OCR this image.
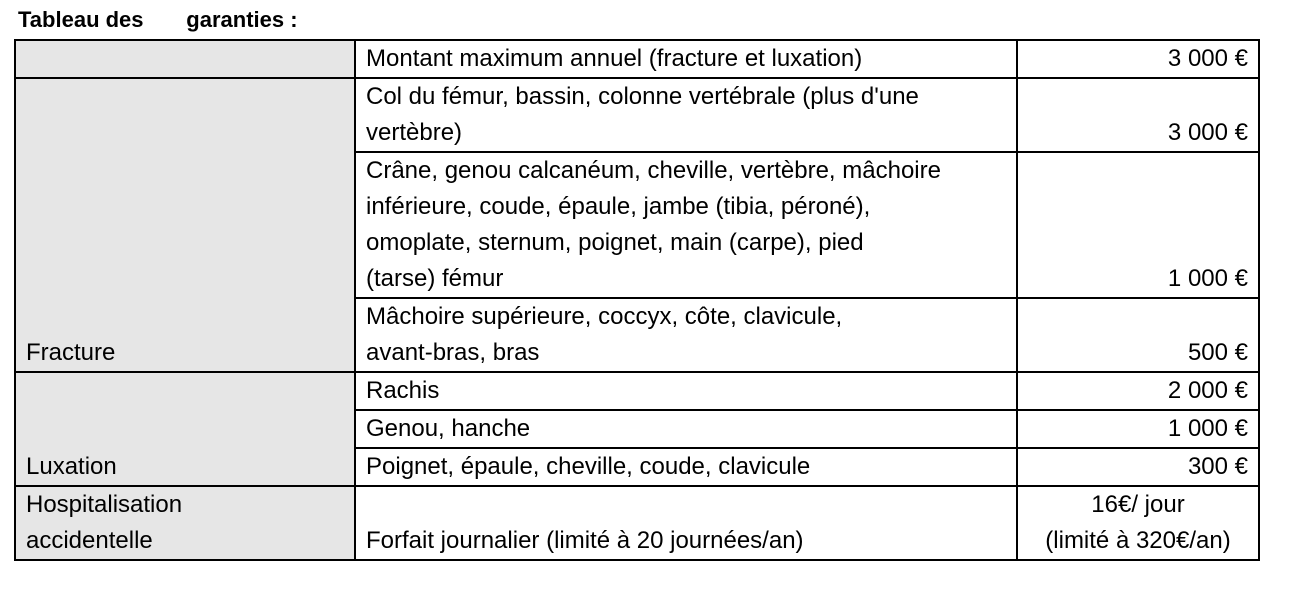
Tableau des       garanties :
	Montant maximum annuel (fracture et luxation)	3 000 €
Fracture	Col du fémur, bassin, colonne vertébrale (plus d'une
vertèbre)	3 000 €

	Crâne, genou calcanéum, cheville, vertèbre, mâchoire
inférieure, coude, épaule, jambe (tibia, péroné),
omoplate, sternum, poignet, main (carpe), pied
(tarse) fémur	1 000 €

	Mâchoire supérieure, coccyx, côte, clavicule,
avant-bras, bras	500 €
Luxation	Rachis	2 000 €
	Genou, hanche	1 000 €
	Poignet, épaule, cheville, coude, clavicule	300 €

Hospitalisation
accidentelle	Forfait journalier (limité à 20 journées/an)	16€/ jour
(limité à 320€/an)
